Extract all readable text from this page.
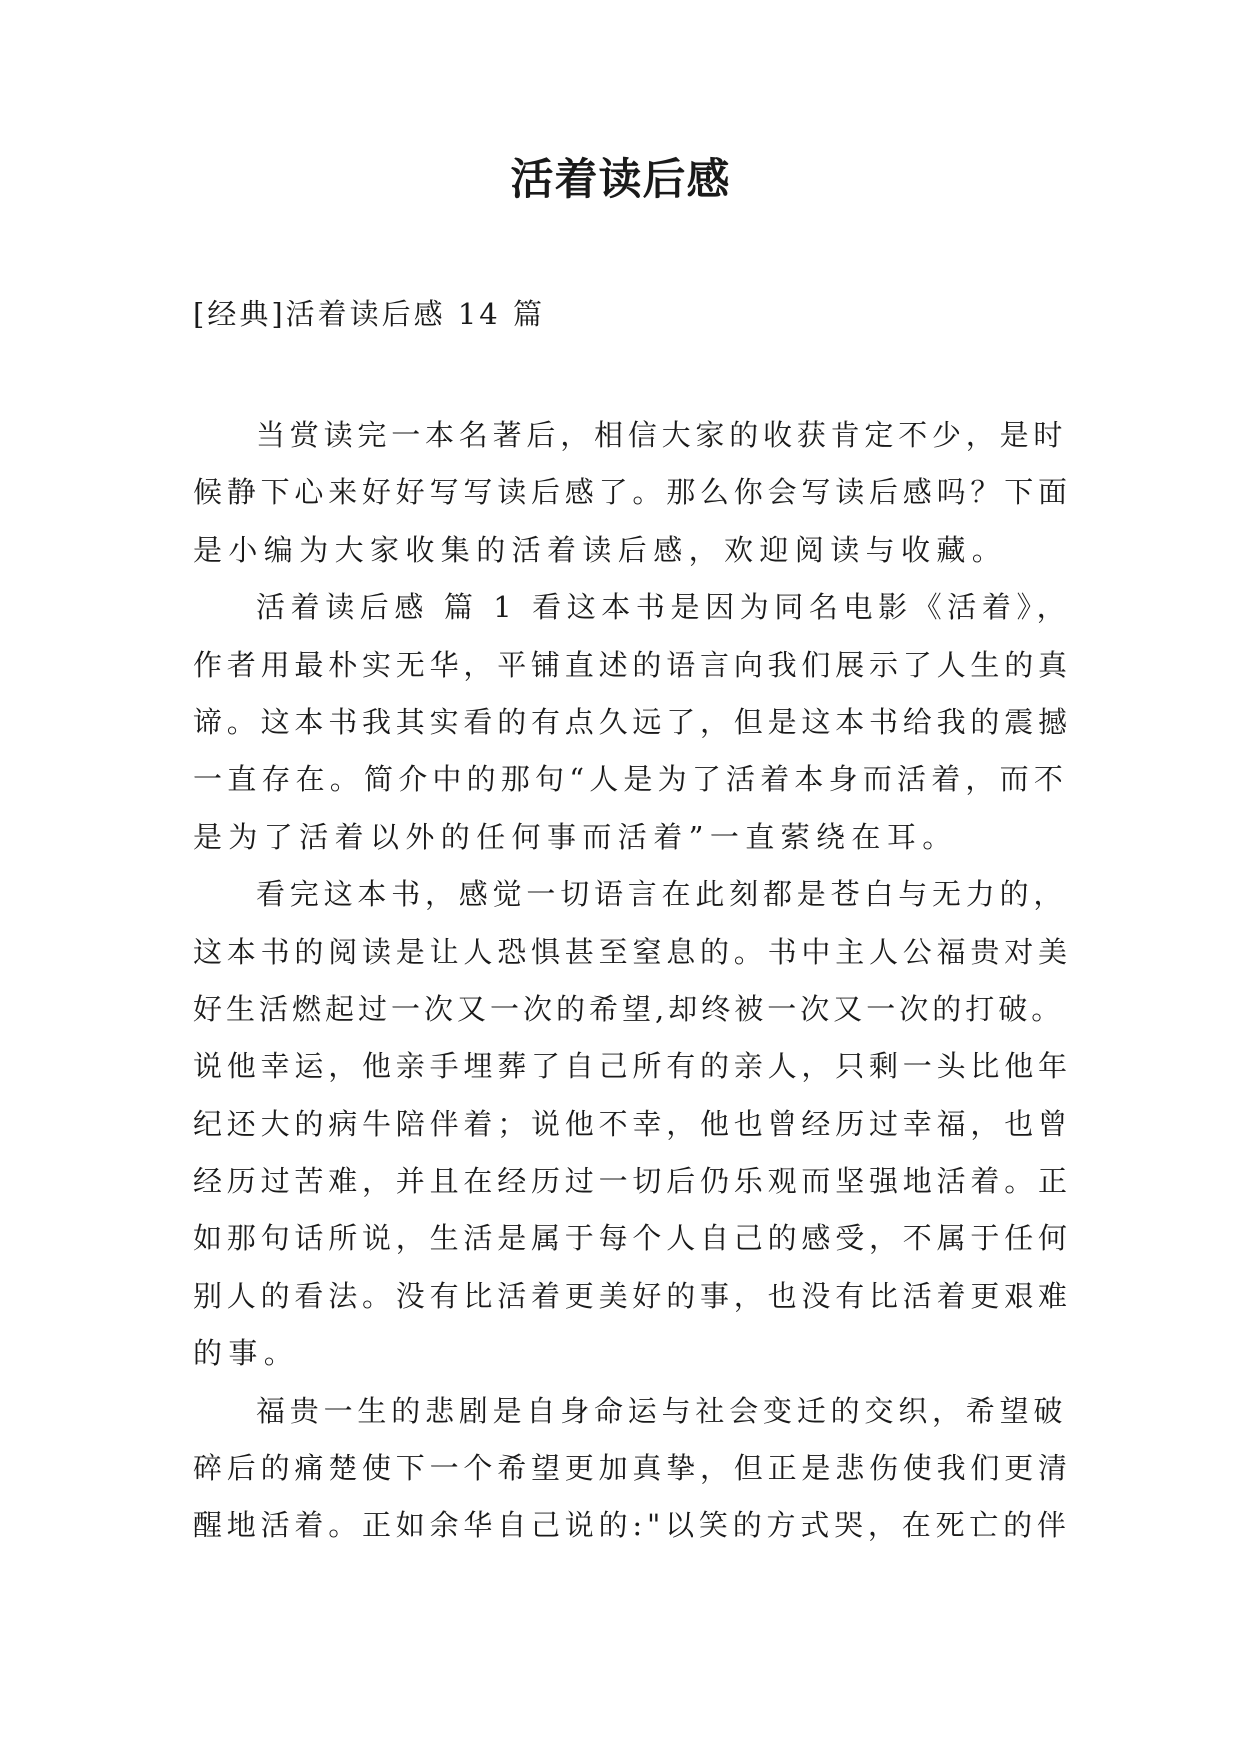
活着读后感
[经典]活着读后感 14 篇
当赏读完一本名著后，相信大家的收获肯定不少，是时
候静下心来好好写写读后感了。那么你会写读后感吗？下面
是小编为大家收集的活着读后感，欢迎阅读与收藏。
活着读后感 篇 1 看这本书是因为同名电影《活着》，
作者用最朴实无华，平铺直述的语言向我们展示了人生的真
谛。这本书我其实看的有点久远了，但是这本书给我的震撼
一直存在。简介中的那句“人是为了活着本身而活着，而不
是为了活着以外的任何事而活着”一直萦绕在耳。
看完这本书，感觉一切语言在此刻都是苍白与无力的，
这本书的阅读是让人恐惧甚至窒息的。书中主人公福贵对美
好生活燃起过一次又一次的希望,却终被一次又一次的打破。
说他幸运，他亲手埋葬了自己所有的亲人，只剩一头比他年
纪还大的病牛陪伴着；说他不幸，他也曾经历过幸福，也曾
经历过苦难，并且在经历过一切后仍乐观而坚强地活着。正
如那句话所说，生活是属于每个人自己的感受，不属于任何
别人的看法。没有比活着更美好的事，也没有比活着更艰难
的事。
福贵一生的悲剧是自身命运与社会变迁的交织，希望破
碎后的痛楚使下一个希望更加真挚，但正是悲伤使我们更清
醒地活着。正如余华自己说的:"以笑的方式哭，在死亡的伴
